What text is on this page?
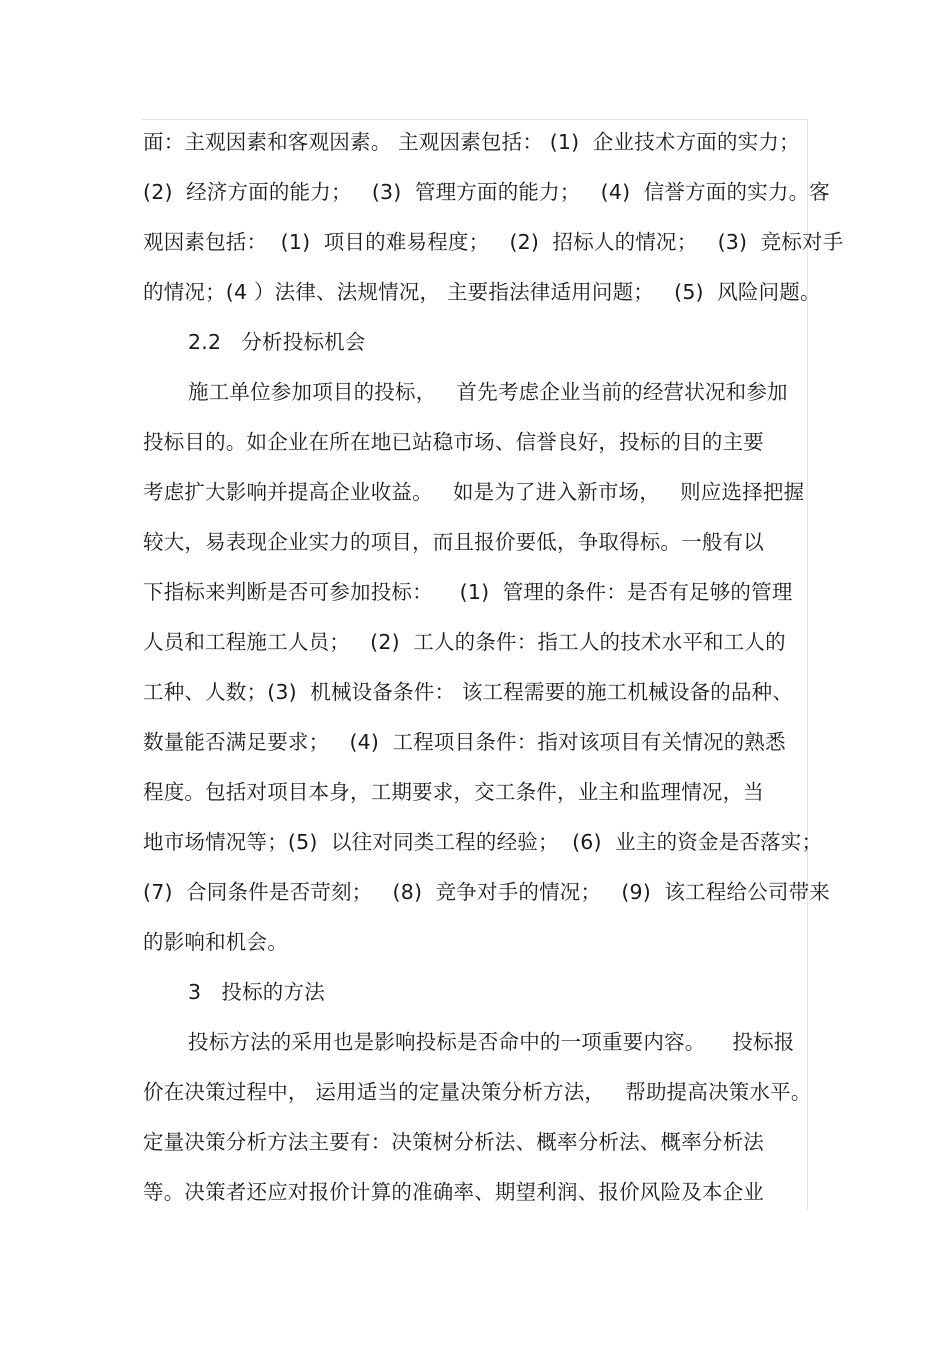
面：主观因素和客观因素。 主观因素包括： (1)  企业技术方面的实力；
(2)  经济方面的能力；   (3)  管理方面的能力；   (4)  信誉方面的实力。客
观因素包括：  (1)  项目的难易程度；   (2)  招标人的情况；   (3)  竞标对手
的情况；(4 ）法律、法规情况， 主要指法律适用问题；   (5)  风险问题。
2.2   分析投标机会
施工单位参加项目的投标，   首先考虑企业当前的经营状况和参加
投标目的。如企业在所在地已站稳市场、信誉良好，投标的目的主要
考虑扩大影响并提高企业收益。   如是为了进入新市场，   则应选择把握
较大，易表现企业实力的项目，而且报价要低，争取得标。一般有以
下指标来判断是否可参加投标：    (1)  管理的条件：是否有足够的管理
人员和工程施工人员；   (2)  工人的条件：指工人的技术水平和工人的
工种、人数；(3)  机械设备条件： 该工程需要的施工机械设备的品种、
数量能否满足要求；   (4)  工程项目条件：指对该项目有关情况的熟悉
程度。包括对项目本身，工期要求，交工条件，业主和监理情况，当
地市场情况等；(5)  以往对同类工程的经验；  (6)  业主的资金是否落实；
(7)  合同条件是否苛刻；   (8)  竞争对手的情况；   (9)  该工程给公司带来
的影响和机会。
3   投标的方法
投标方法的采用也是影响投标是否命中的一项重要内容。    投标报
价在决策过程中， 运用适当的定量决策分析方法，   帮助提高决策水平。
定量决策分析方法主要有：决策树分析法、概率分析法、概率分析法
等。决策者还应对报价计算的准确率、期望利润、报价风险及本企业
